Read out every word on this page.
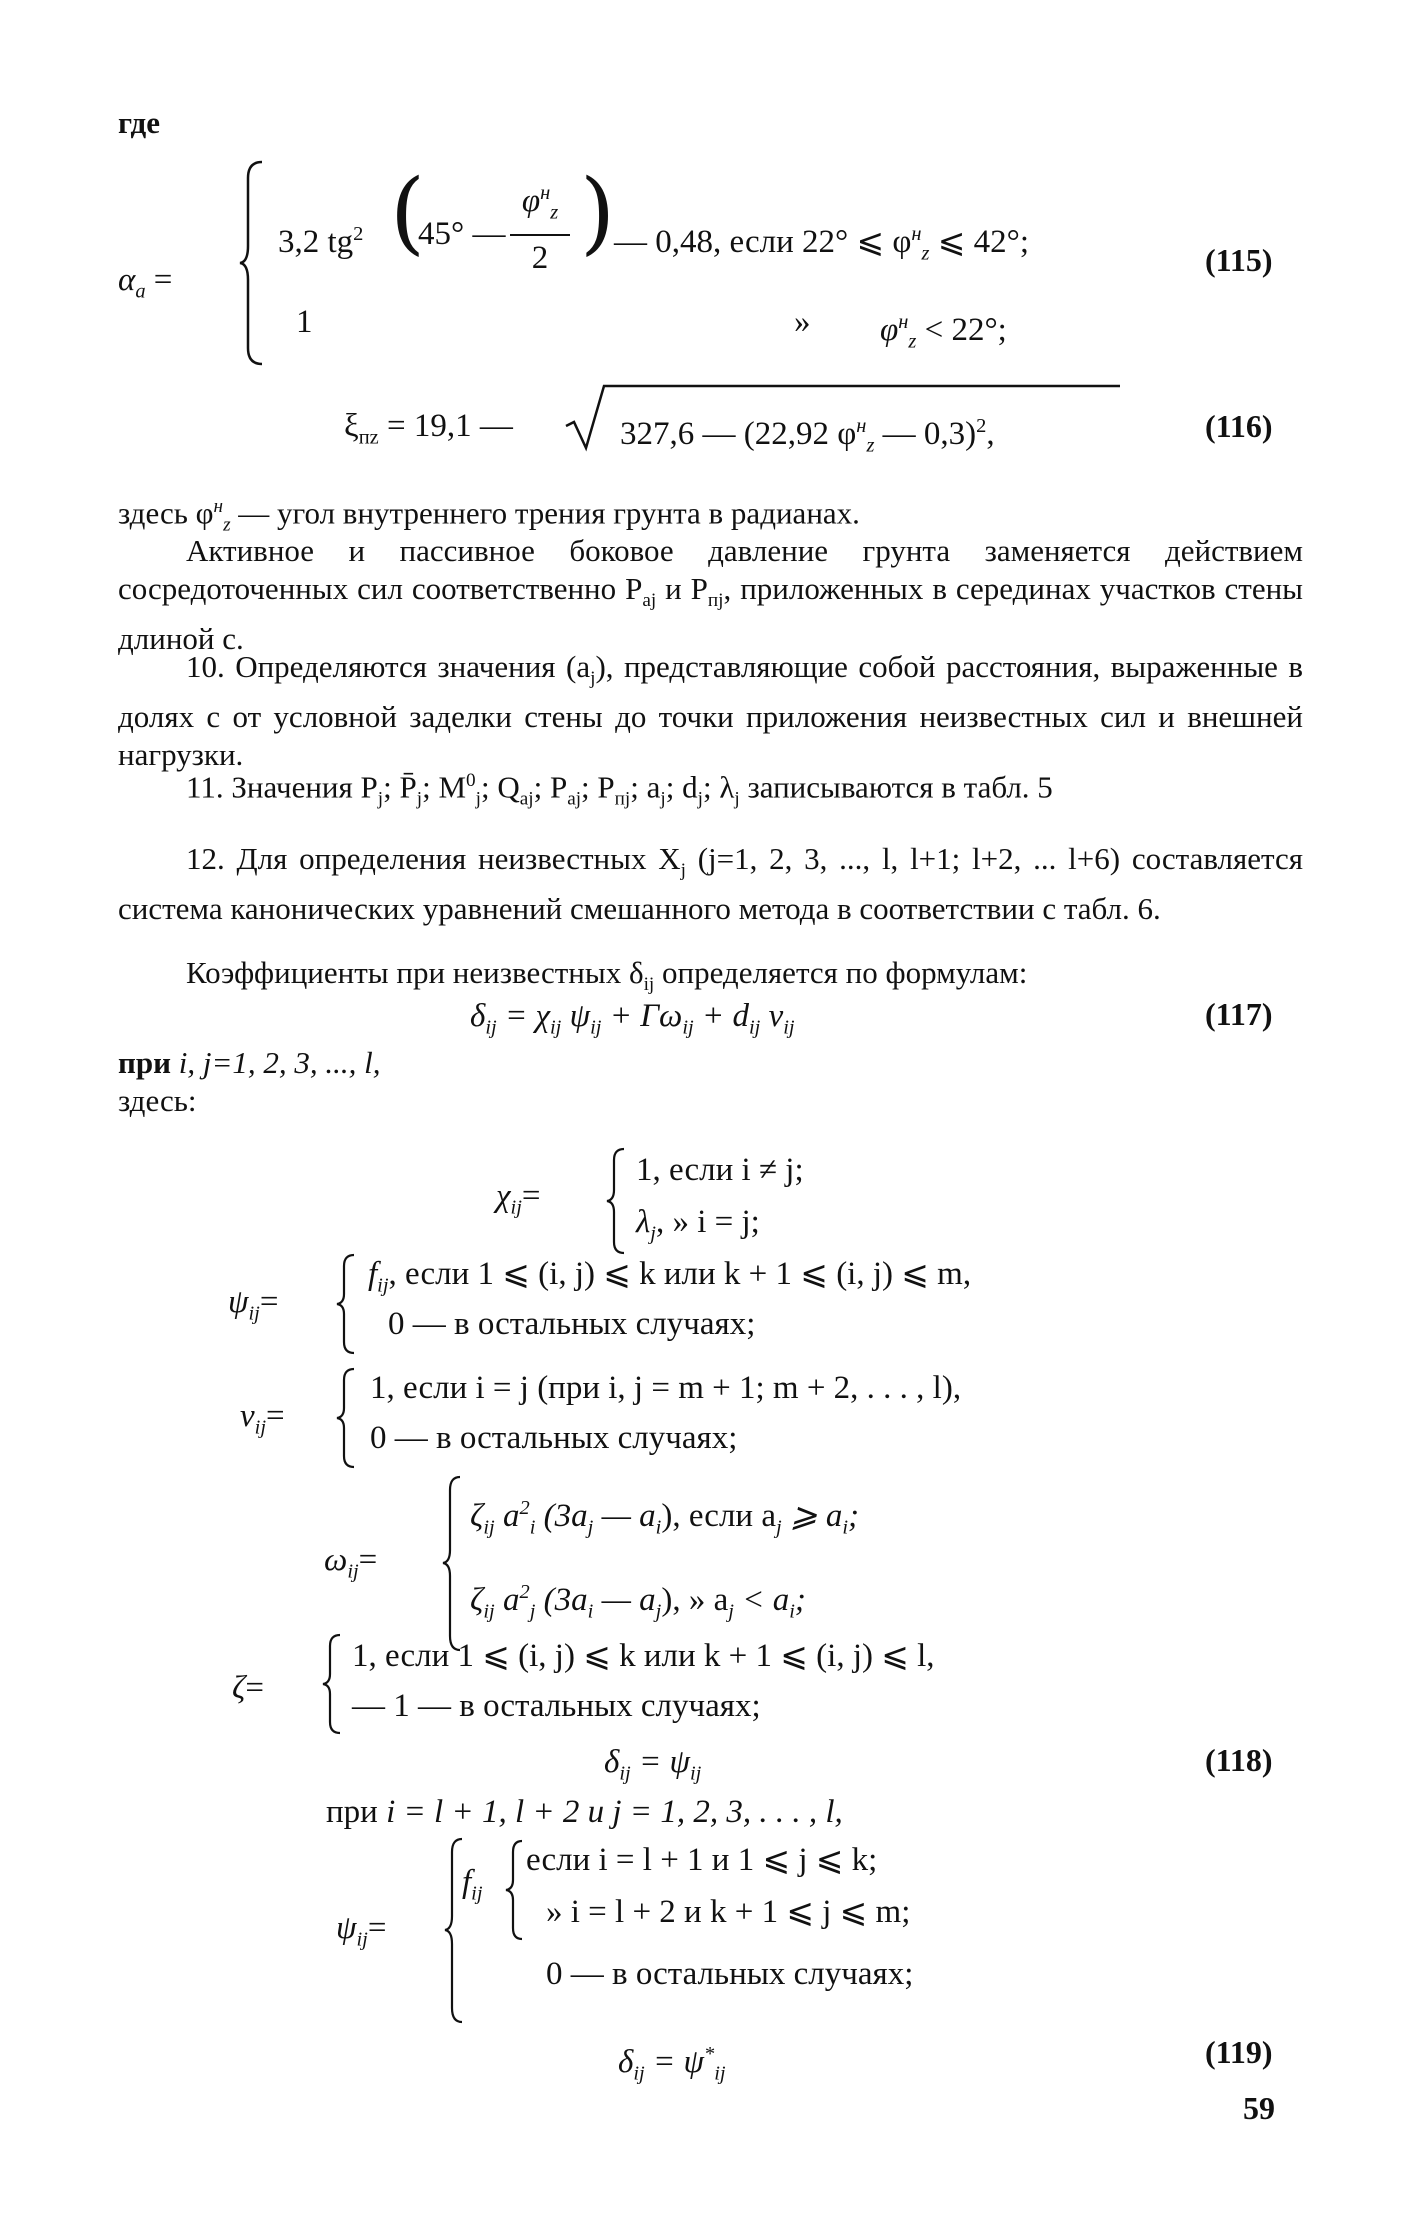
где
$\alpha_a$ =
3,2 $tg^2$ (
45° —
$\varphi^н_z$
2 )
— 0,48, если 22° ⩽ $\varphi^н_z$ ⩽ 42°;
1	» $\varphi^н_z < 22^\circ$;
(115)
$\xi_{пz} = 19,1$ —	327,6 — (22,92 $\varphi^н_z$ — 0,3)$^2$,	(116)
здесь $\varphi^н_z$ — угол внутреннего трения грунта в радианах.
Активное и пассивное боковое давление грунта заменяется действием сосредоточенных сил соответственно $P_{aj}$ и $P_{пj}$, приложенных в серединах участков стены длиной c.
10. Определяются значения $(a_j)$, представляющие собой расстояния, выраженные в долях c от условной заделки стены до точки приложения неизвестных сил и внешней нагрузки.
11. Значения $P_j$; $P̄_j$; $M^0_j$; $Q_{aj}$; $P_{aj}$; $P_{пj}$; $a_j$; $d_j$; $\lambda_j$ записываются в табл. 5
12. Для определения неизвестных $X_j$ (j=1, 2, 3, ..., l, l+1; l+2, ... l+6) составляется система канонических уравнений смешанного метода в соответствии с табл. 6.
Коэффициенты при неизвестных $\delta_{ij}$ определяется по формулам:
$\delta_{ij} = \chi_{ij}$ $\psi_{ij} + \Gamma\omega_{ij} + d_{ij}$ $\nu_{ij}$	(117)
при i, j=1, 2, 3, ..., l,
здесь:
$\chi_{ij}=$
1, если i ≠ j;
$\lambda_j$, » i = j;
$\psi_{ij}=$
$f_{ij}$, если 1 ⩽ (i, j) ⩽ k или k + 1 ⩽ (i, j) ⩽ m,
0 — в остальных случаях;
$\nu_{ij}=$
1, если i = j (при i, j = m + 1; m + 2, . . . , l),
0 — в остальных случаях;
$\omega_{ij}=$
$\zeta_{ij}$ $a^2_i$ ($3a_j$ — $a_i$), если $a_j$ ⩾ $a_i$;
$\zeta_{ij}$ $a^2_j$ ($3a_i$ — $a_j$), » $a_j < a_i$;
ζ=
1, если 1 ⩽ (i, j) ⩽ k или k + 1 ⩽ (i, j) ⩽ l,
— 1 — в остальных случаях;
$\delta_{ij} = \psi_{ij}$	(118)
при i = l + 1, l + 2 и j = 1, 2, 3, . . . , l,
$\psi_{ij}=$
$f_{ij}$
если i = l + 1 и 1 ⩽ j ⩽ k;
» i = l + 2 и k + 1 ⩽ j ⩽ m;
0 — в остальных случаях;
$\delta_{ij} = \psi^*_{ij}$
(119)
59
